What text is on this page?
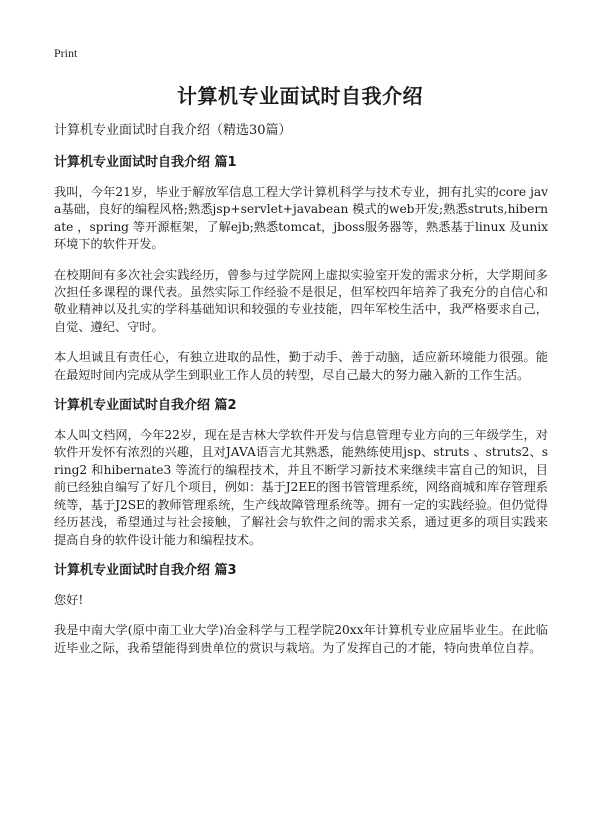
Print
计算机专业面试时自我介绍

计算机专业面试时自我介绍（精选30篇）

计算机专业面试时自我介绍 篇1

我叫，今年21岁，毕业于解放军信息工程大学计算机科学与技术专业，拥有扎实的core java基础，良好的编程风格;熟悉jsp+servlet+javabean 模式的web开发;熟悉struts,hibernate ，spring 等开源框架，了解ejb;熟悉tomcat，jboss服务器等，熟悉基于linux 及unix 环境下的软件开发。

在校期间有多次社会实践经历，曾参与过学院网上虚拟实验室开发的需求分析，大学期间多次担任多课程的课代表。虽然实际工作经验不是很足，但军校四年培养了我充分的自信心和敬业精神以及扎实的学科基础知识和较强的专业技能，四年军校生活中，我严格要求自己，自觉、遵纪、守时。

本人坦诚且有责任心，有独立进取的品性，勤于动手、善于动脑，适应新环境能力很强。能在最短时间内完成从学生到职业工作人员的转型，尽自己最大的努力融入新的工作生活。

计算机专业面试时自我介绍 篇2

本人叫文档网，今年22岁，现在是吉林大学软件开发与信息管理专业方向的三年级学生，对软件开发怀有浓烈的兴趣，且对JAVA语言尤其熟悉，能熟练使用jsp、struts 、struts2、sring2 和hibernate3 等流行的编程技术，并且不断学习新技术来继续丰富自己的知识，目前已经独自编写了好几个项目，例如：基于J2EE的图书管管理系统，网络商城和库存管理系统等，基于J2SE的教师管理系统，生产线故障管理系统等。拥有一定的实践经验。但仍觉得经历甚浅，希望通过与社会接触，了解社会与软件之间的需求关系，通过更多的项目实践来提高自身的软件设计能力和编程技术。

计算机专业面试时自我介绍 篇3

您好!

我是中南大学(原中南工业大学)冶金科学与工程学院20xx年计算机专业应届毕业生。在此临近毕业之际，我希望能得到贵单位的赏识与栽培。为了发挥自己的才能，特向贵单位自荐。
